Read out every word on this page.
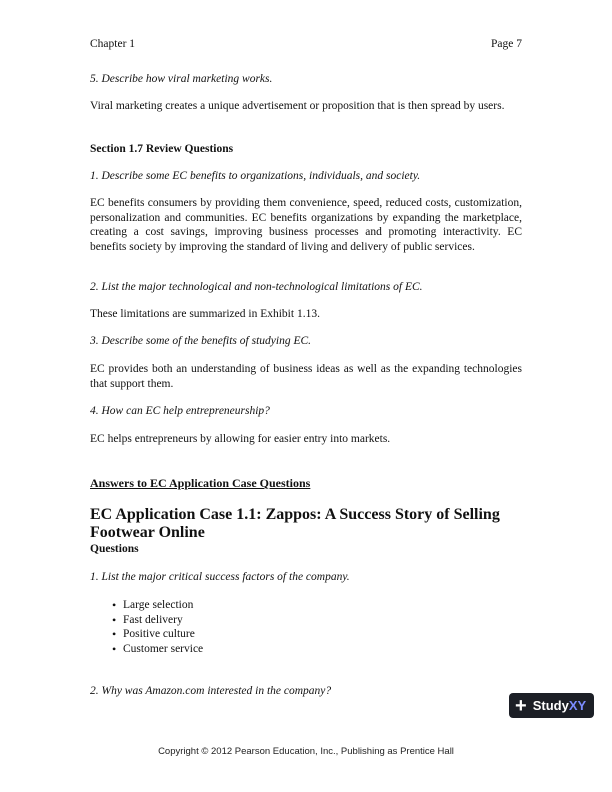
Chapter 1	Page 7
5. Describe how viral marketing works.
Viral marketing creates a unique advertisement or proposition that is then spread by users.
Section 1.7 Review Questions
1. Describe some EC benefits to organizations, individuals, and society.
EC benefits consumers by providing them convenience, speed, reduced costs, customization, personalization and communities. EC benefits organizations by expanding the marketplace, creating a cost savings, improving business processes and promoting interactivity. EC benefits society by improving the standard of living and delivery of public services.
2. List the major technological and non-technological limitations of EC.
These limitations are summarized in Exhibit 1.13.
3. Describe some of the benefits of studying EC.
EC provides both an understanding of business ideas as well as the expanding technologies that support them.
4. How can EC help entrepreneurship?
EC helps entrepreneurs by allowing for easier entry into markets.
Answers to EC Application Case Questions
EC Application Case 1.1: Zappos: A Success Story of Selling Footwear Online
Questions
1. List the major critical success factors of the company.
• Large selection
• Fast delivery
• Positive culture
• Customer service
2. Why was Amazon.com interested in the company?
+ StudyXY
Copyright © 2012 Pearson Education, Inc., Publishing as Prentice Hall
